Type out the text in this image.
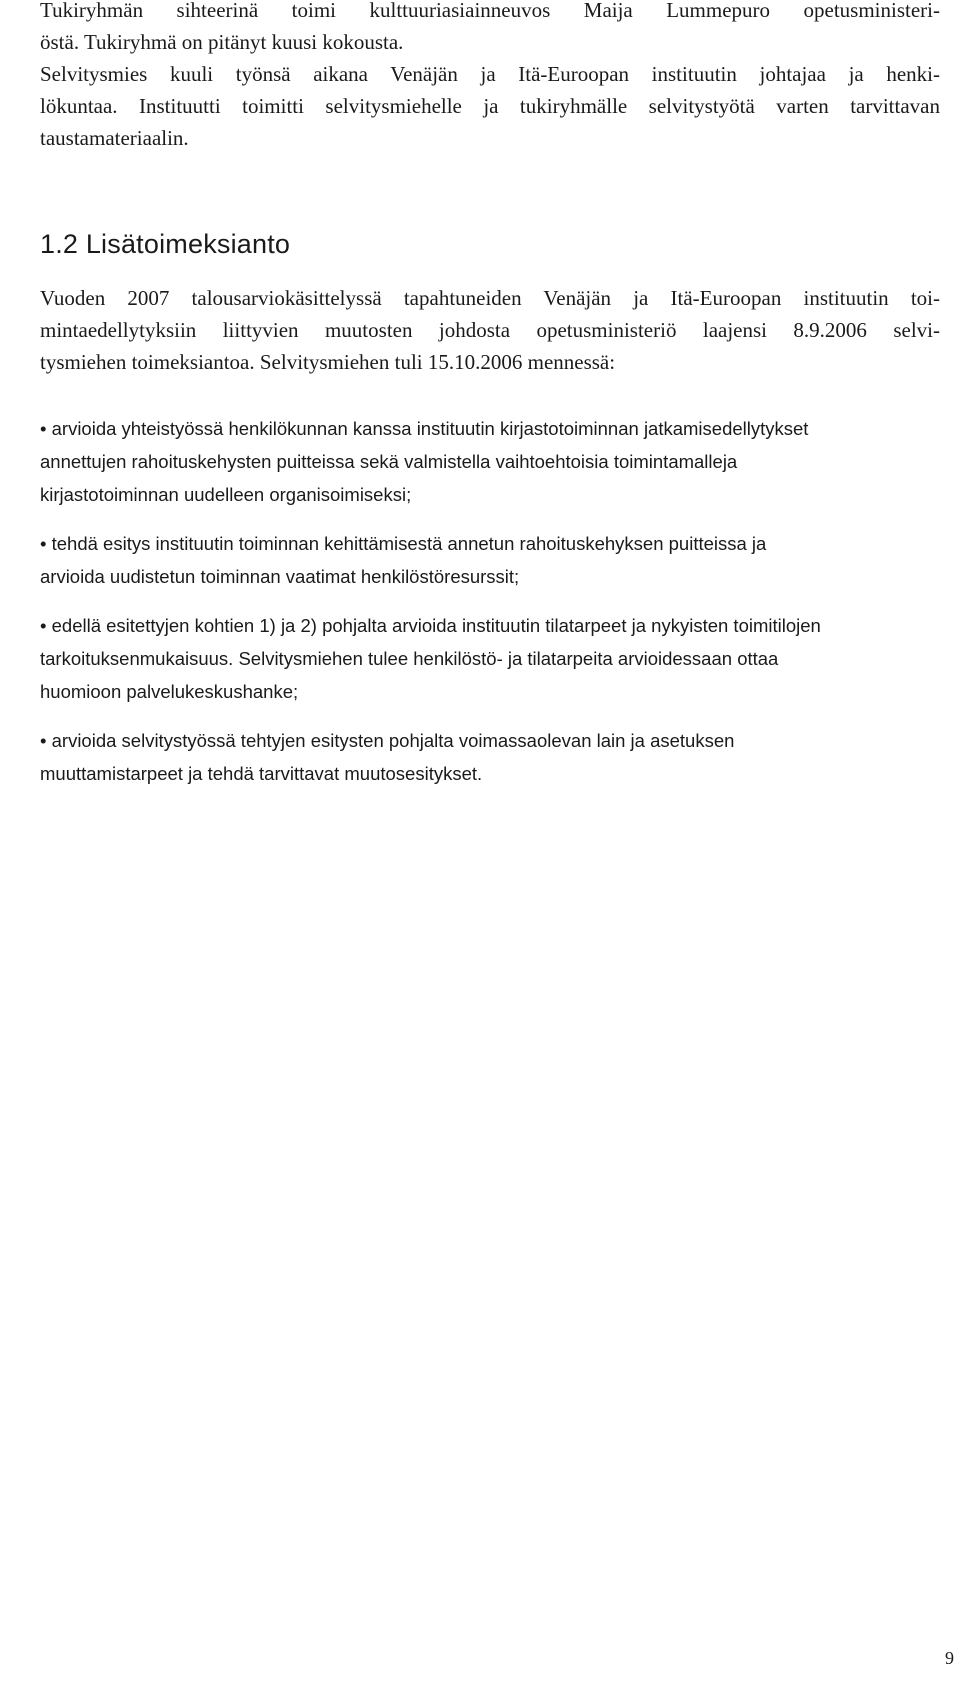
Tukiryhmän sihteerinä toimi kulttuuriasiainneuvos Maija Lummepuro opetusministeri-
östä. Tukiryhmä on pitänyt kuusi kokousta.
Selvitysmies kuuli työnsä aikana Venäjän ja Itä-Euroopan instituutin johtajaa ja henki-
lökuntaa. Instituutti toimitti selvitysmiehelle ja tukiryhmälle selvitystyötä varten tarvittavan
taustamateriaalin.
1.2 Lisätoimeksianto
Vuoden 2007 talousarviokäsittelyssä tapahtuneiden Venäjän ja Itä-Euroopan instituutin toi-
mintaedellytyksiin liittyvien muutosten johdosta opetusministeriö laajensi 8.9.2006 selvi-
tysmiehen toimeksiantoa. Selvitysmiehen tuli 15.10.2006 mennessä:
• arvioida yhteistyössä henkilökunnan kanssa instituutin kirjastotoiminnan jatkamisedellytykset
annettujen rahoituskehysten puitteissa sekä valmistella vaihtoehtoisia toimintamalleja
kirjastotoiminnan uudelleen organisoimiseksi;
• tehdä esitys instituutin toiminnan kehittämisestä annetun rahoituskehyksen puitteissa ja
arvioida uudistetun toiminnan vaatimat henkilöstöresurssit;
• edellä esitettyjen kohtien 1) ja 2) pohjalta arvioida instituutin tilatarpeet ja nykyisten toimitilojen
tarkoituksenmukaisuus. Selvitysmiehen tulee henkilöstö- ja tilatarpeita arvioidessaan ottaa
huomioon palvelukeskushanke;
• arvioida selvitystyössä tehtyjen esitysten pohjalta voimassaolevan lain ja asetuksen
muuttamistarpeet ja tehdä tarvittavat muutosesitykset.
9
